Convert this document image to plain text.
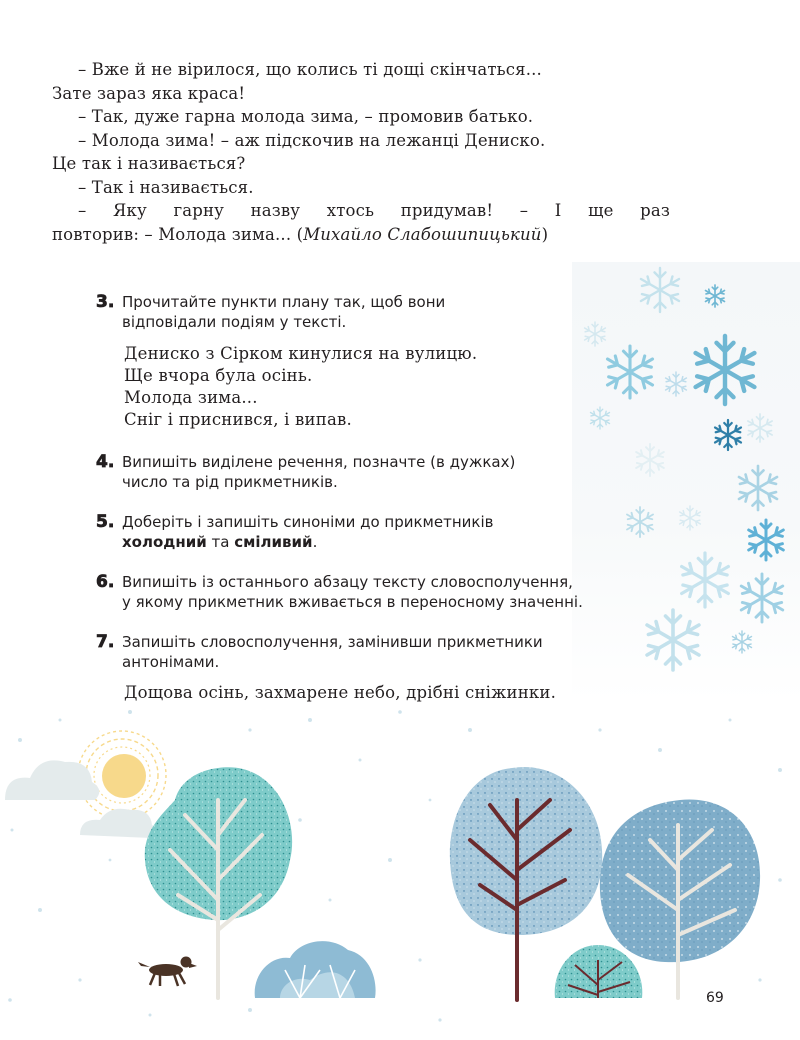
– Вже й не вірилося, що колись ті дощі скінчаться...

Зате зараз яка краса!

– Так, дуже гарна молода зима, – промовив батько.

– Молода зима! – аж підскочив на лежанці Дениско.

Це так і називається?

– Так і називається.

– Яку гарну назву хтось придумав! – І ще раз

повторив: – Молода зима... (Михайло Слабошипицький)

3. Прочитайте пункти плану так, щоб вони
відповідали подіям у тексті.

Дениско з Сірком кинулися на вулицю.

Ще вчора була осінь.

Молода зима...

Сніг і приснився, і випав.

4. Випишіть виділене речення, позначте (в дужках)
число та рід прикметників.
5. Доберіть і запишіть синоніми до прикметників
холодний та сміливий.
6. Випишіть із останнього абзацу тексту словосполучення,
у якому прикметник вживається в переносному значенні.
7. Запишіть словосполучення, замінивши прикметники
антонімами.

Дощова осінь, захмарене небо, дрібні сніжинки.

69
